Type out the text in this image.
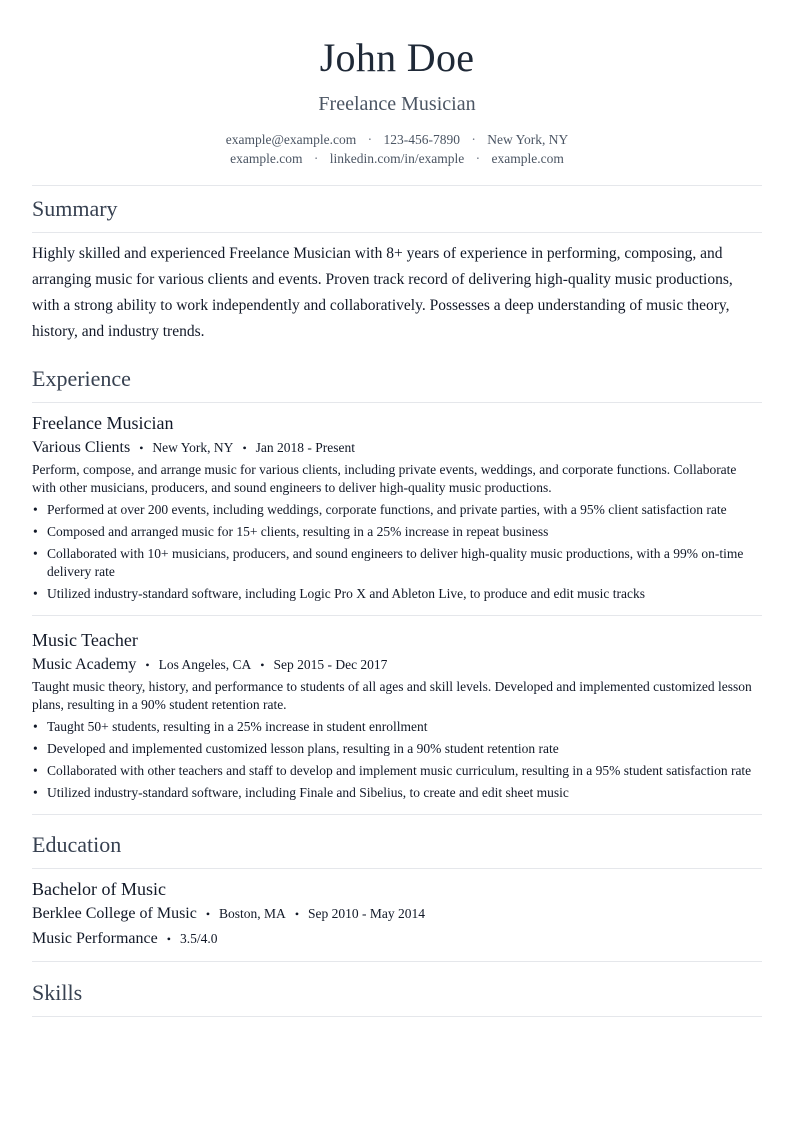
John Doe
Freelance Musician
example@example.com · 123-456-7890 · New York, NY
example.com · linkedin.com/in/example · example.com
Summary

Highly skilled and experienced Freelance Musician with 8+ years of experience in performing, composing, and arranging music for various clients and events. Proven track record of delivering high-quality music productions, with a strong ability to work independently and collaboratively. Possesses a deep understanding of music theory, history, and industry trends.

Experience
Freelance Musician
Various Clients • New York, NY • Jan 2018 - Present

Perform, compose, and arrange music for various clients, including private events, weddings, and corporate functions. Collaborate with other musicians, producers, and sound engineers to deliver high-quality music productions.

• Performed at over 200 events, including weddings, corporate functions, and private parties, with a 95% client satisfaction rate
• Composed and arranged music for 15+ clients, resulting in a 25% increase in repeat business
• Collaborated with 10+ musicians, producers, and sound engineers to deliver high-quality music productions, with a 99% on-time delivery rate
• Utilized industry-standard software, including Logic Pro X and Ableton Live, to produce and edit music tracks
Music Teacher
Music Academy • Los Angeles, CA • Sep 2015 - Dec 2017

Taught music theory, history, and performance to students of all ages and skill levels. Developed and implemented customized lesson plans, resulting in a 90% student retention rate.

• Taught 50+ students, resulting in a 25% increase in student enrollment
• Developed and implemented customized lesson plans, resulting in a 90% student retention rate
• Collaborated with other teachers and staff to develop and implement music curriculum, resulting in a 95% student satisfaction rate
• Utilized industry-standard software, including Finale and Sibelius, to create and edit sheet music
Education
Bachelor of Music
Berklee College of Music • Boston, MA • Sep 2010 - May 2014
Music Performance • 3.5/4.0
Skills
